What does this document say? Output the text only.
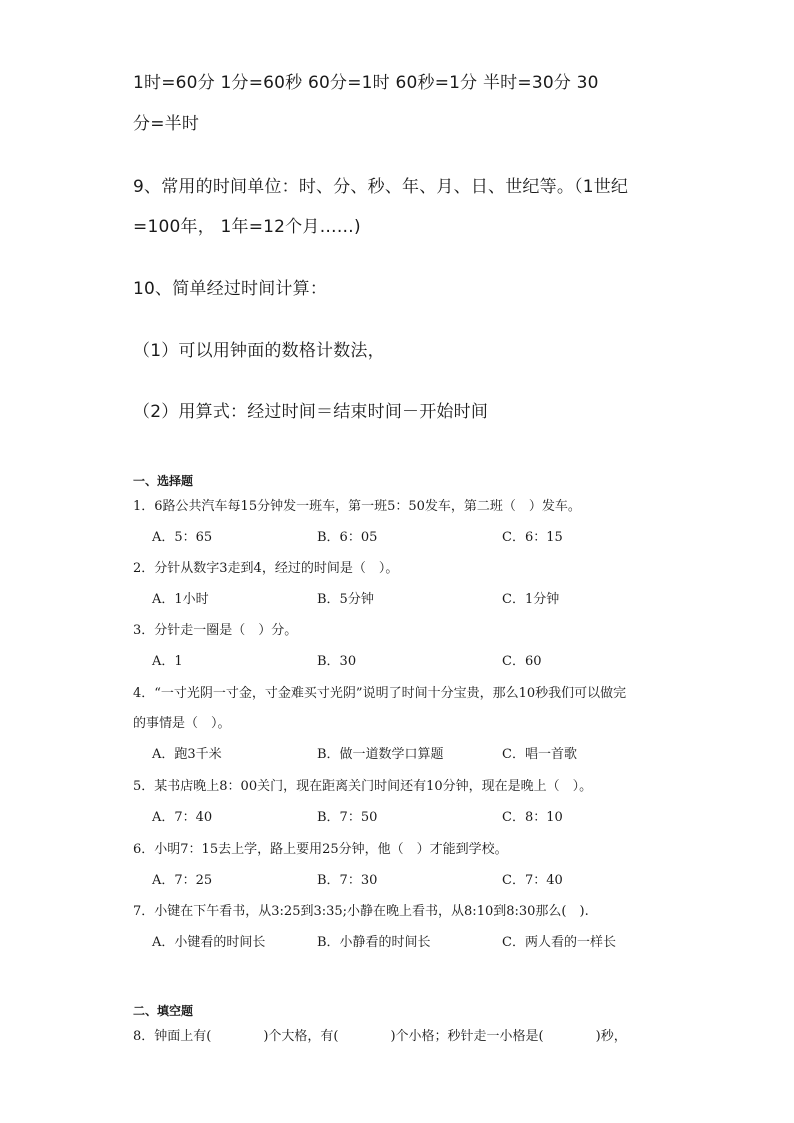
1时=60分 1分=60秒 60分=1时 60秒=1分 半时=30分 30
分=半时
9、常用的时间单位：时、分、秒、年、月、日、世纪等。（1世纪
=100年， 1年=12个月……)
10、简单经过时间计算：
（1）可以用钟面的数格计数法，
（2）用算式：经过时间＝结束时间－开始时间
一、选择题
1．6路公共汽车每15分钟发一班车，第一班5：50发车，第二班（　）发车。
A．5：65	B．6：05	C．6：15
2．分针从数字3走到4，经过的时间是（　）。
A．1小时	B．5分钟	C．1分钟
3．分针走一圈是（　）分。
A．1	B．30	C．60
4．“一寸光阴一寸金，寸金难买寸光阴”说明了时间十分宝贵，那么10秒我们可以做完
的事情是（　）。
A．跑3千米	B．做一道数学口算题	C．唱一首歌
5．某书店晚上8：00关门，现在距离关门时间还有10分钟，现在是晚上（　）。
A．7：40	B．7：50	C．8：10
6．小明7：15去上学，路上要用25分钟，他（　）才能到学校。
A．7：25	B．7：30	C．7：40
7．小键在下午看书，从3:25到3:35;小静在晚上看书，从8:10到8:30那么(　).
A．小键看的时间长	B．小静看的时间长	C．两人看的一样长
二、填空题
8．钟面上有(　　　　)个大格，有(　　　　)个小格；秒针走一小格是(　　　　)秒，
